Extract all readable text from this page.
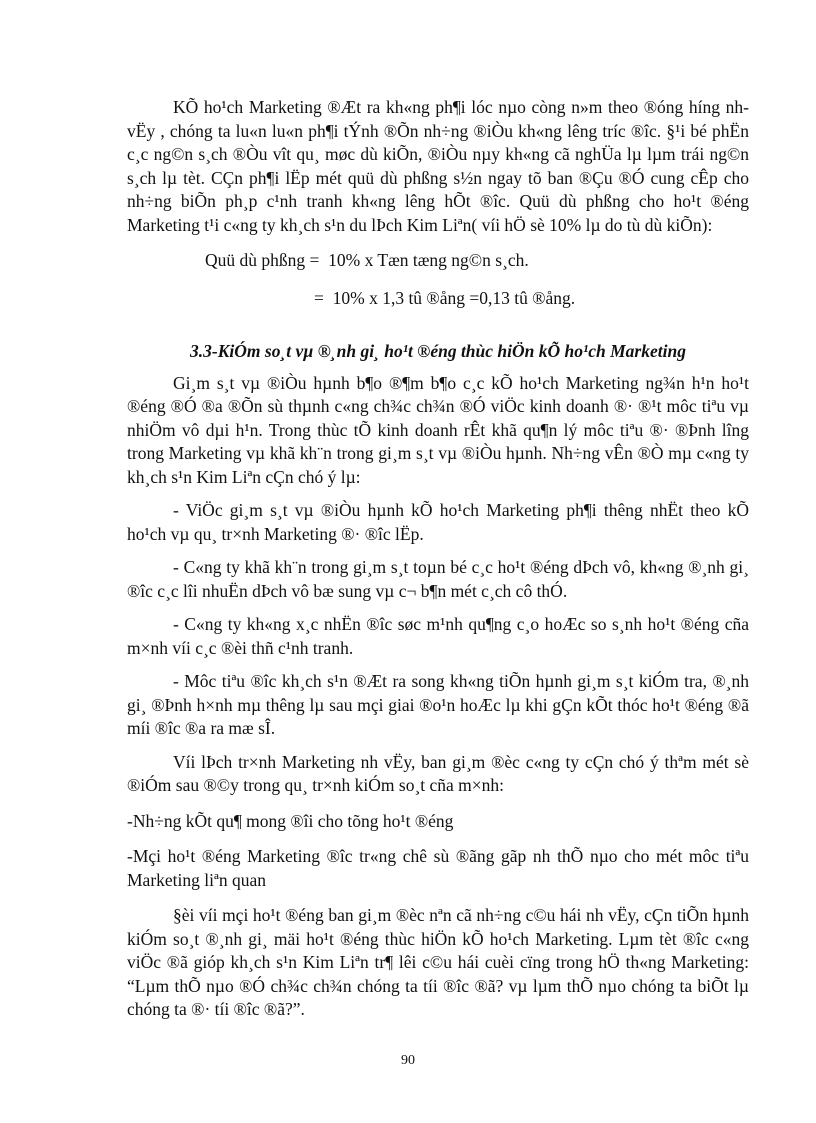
KÕ ho¹ch Marketing ®Æt ra kh«ng ph¶i lóc nµo còng n»m theo ®óng híng nh vËy , chóng ta lu«n lu«n ph¶i tÝnh ®Õn nh÷ng ®iÒu kh«ng lêng tríc ®îc. §¹i bé phËn c¸c ng©n s¸ch ®Òu vît qu¸ møc dù kiÕn, ®iÒu nµy kh«ng cã nghÜa lµ lµm trái ng©n s¸ch lµ tèt. CÇn ph¶i lËp mét quü dù phßng s½n ngay tõ ban ®Çu ®Ó cung cÊp cho nh÷ng biÕn ph¸p c¹nh tranh kh«ng lêng hÕt ®îc. Quü dù phßng cho ho¹t ®éng Marketing t¹i c«ng ty kh¸ch s¹n du lÞch Kim Liªn( víi hÖ sè 10% lµ do tù dù kiÕn):

Quü dù phßng =  10% x Tæn tæng ng©n s¸ch.
=  10% x 1,3 tû ®ång =0,13 tû ®ång.
3.3-KiÓm so¸t vµ ®¸nh gi¸ ho¹t ®éng thùc hiÖn kÕ ho¹ch Marketing

Gi¸m s¸t vµ ®iÒu hµnh b¶o ®¶m b¶o c¸c kÕ ho¹ch Marketing ng¾n h¹n ho¹t ®éng ®Ó ®a ®Õn sù thµnh c«ng ch¾c ch¾n ®Ó viÖc kinh doanh ®· ®¹t môc tiªu vµ nhiÖm vô dµi h¹n. Trong thùc tÕ kinh doanh rÊt khã qu¶n lý môc tiªu ®· ®Þnh lîng trong Marketing vµ khã kh¨n trong gi¸m s¸t vµ ®iÒu hµnh. Nh÷ng vÊn ®Ò mµ c«ng ty kh¸ch s¹n Kim Liªn cÇn chó ý lµ:

- ViÖc gi¸m s¸t vµ ®iÒu hµnh kÕ ho¹ch Marketing ph¶i thêng nhËt theo kÕ ho¹ch vµ qu¸ tr×nh Marketing ®· ®îc lËp.

- C«ng ty khã kh¨n trong gi¸m s¸t toµn bé c¸c ho¹t ®éng dÞch vô, kh«ng ®¸nh gi¸ ®îc c¸c lîi nhuËn dÞch vô bæ sung vµ c¬ b¶n mét c¸ch cô thÓ.

- C«ng ty kh«ng x¸c nhËn ®îc søc m¹nh qu¶ng c¸o hoÆc so s¸nh ho¹t ®éng cña m×nh víi c¸c ®èi thñ c¹nh tranh.

- Môc tiªu ®îc kh¸ch s¹n ®Æt ra song kh«ng tiÕn hµnh gi¸m s¸t kiÓm tra, ®¸nh gi¸ ®Þnh h×nh mµ thêng lµ sau mçi giai ®o¹n hoÆc lµ khi gÇn kÕt thóc ho¹t ®éng ®ã míi ®îc ®a ra mæ sÎ.

Víi lÞch tr×nh Marketing nh vËy, ban gi¸m ®èc c«ng ty cÇn chó ý thªm mét sè ®iÓm sau ®©y trong qu¸ tr×nh kiÓm so¸t cña m×nh:

-Nh÷ng kÕt qu¶ mong ®îi cho tõng ho¹t ®éng

-Mçi ho¹t ®éng Marketing ®îc tr«ng chê sù ®ãng gãp nh thÕ nµo cho mét môc tiªu Marketing liªn quan

§èi víi mçi ho¹t ®éng ban gi¸m ®èc nªn cã nh÷ng c©u hái nh vËy, cÇn tiÕn hµnh kiÓm so¸t ®¸nh gi¸ mäi ho¹t ®éng thùc hiÖn kÕ ho¹ch Marketing. Lµm tèt ®îc c«ng viÖc ®ã gióp kh¸ch s¹n Kim Liªn tr¶ lêi c©u hái cuèi cïng trong hÖ th«ng Marketing: “Lµm thÕ nµo ®Ó ch¾c ch¾n chóng ta tíi ®îc ®ã? vµ lµm thÕ nµo chóng ta biÕt lµ chóng ta ®· tíi ®îc ®ã?”.

90
